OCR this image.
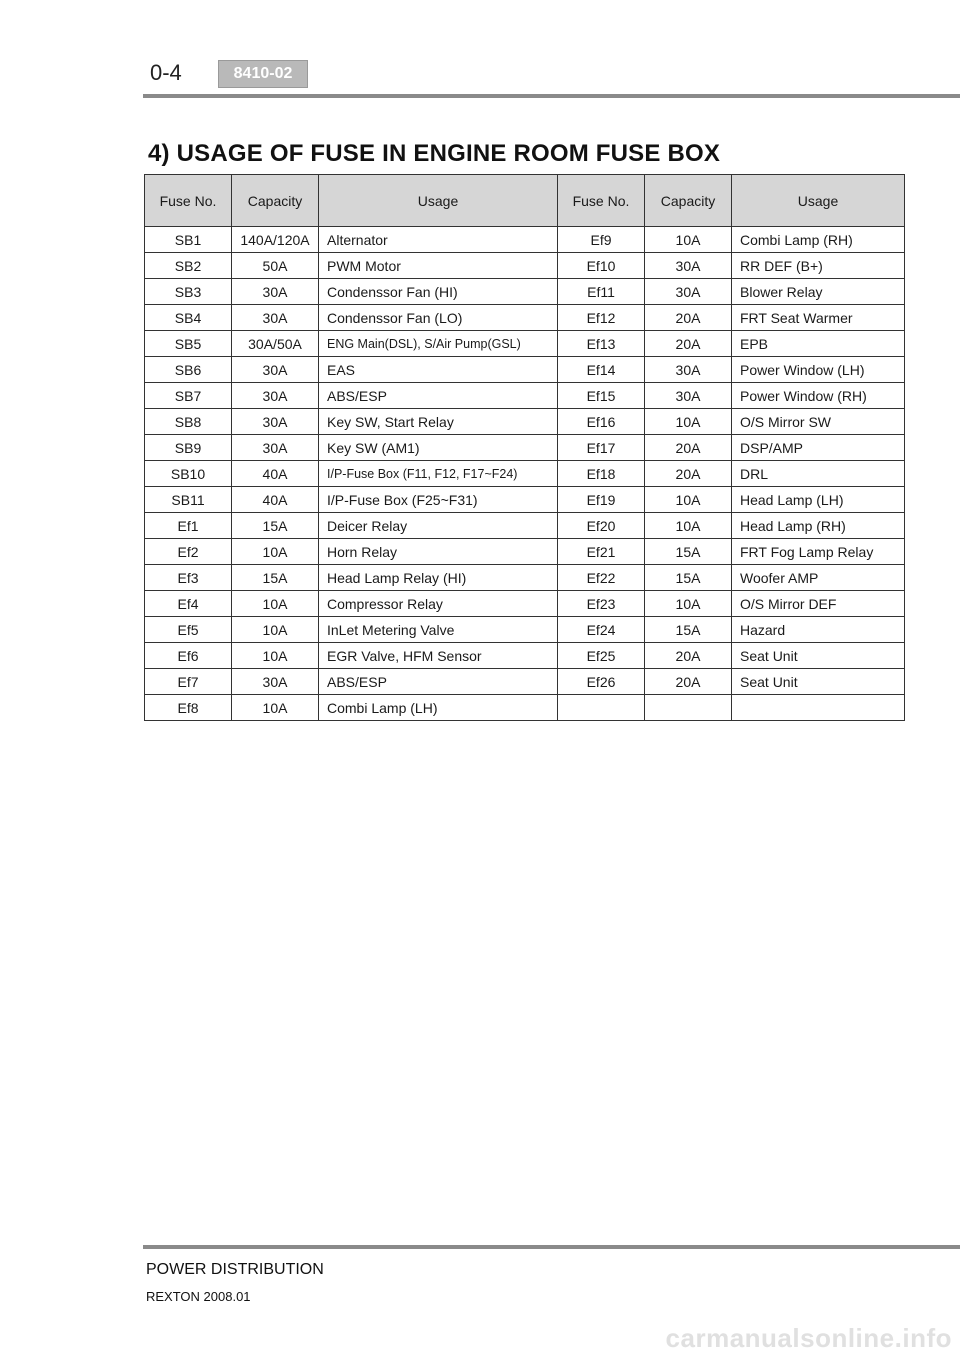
0-4	8410-02
4) USAGE OF FUSE IN ENGINE ROOM FUSE BOX
Fuse No.	Capacity	Usage	Fuse No.	Capacity	Usage
SB1	140A/120A	Alternator	Ef9	10A	Combi Lamp (RH)
SB2	50A	PWM Motor	Ef10	30A	RR DEF (B+)
SB3	30A	Condenssor Fan (HI)	Ef11	30A	Blower Relay
SB4	30A	Condenssor Fan (LO)	Ef12	20A	FRT Seat Warmer
SB5	30A/50A	ENG Main(DSL), S/Air Pump(GSL)	Ef13	20A	EPB
SB6	30A	EAS	Ef14	30A	Power Window (LH)
SB7	30A	ABS/ESP	Ef15	30A	Power Window (RH)
SB8	30A	Key SW, Start Relay	Ef16	10A	O/S Mirror SW
SB9	30A	Key SW (AM1)	Ef17	20A	DSP/AMP
SB10	40A	I/P-Fuse Box (F11, F12, F17~F24)	Ef18	20A	DRL
SB11	40A	I/P-Fuse Box (F25~F31)	Ef19	10A	Head Lamp (LH)
Ef1	15A	Deicer Relay	Ef20	10A	Head Lamp (RH)
Ef2	10A	Horn Relay	Ef21	15A	FRT Fog Lamp Relay
Ef3	15A	Head Lamp Relay (HI)	Ef22	15A	Woofer AMP
Ef4	10A	Compressor Relay	Ef23	10A	O/S Mirror DEF
Ef5	10A	InLet Metering Valve	Ef24	15A	Hazard
Ef6	10A	EGR Valve, HFM Sensor	Ef25	20A	Seat Unit
Ef7	30A	ABS/ESP	Ef26	20A	Seat Unit
Ef8	10A	Combi Lamp (LH)			
POWER DISTRIBUTION
REXTON 2008.01
carmanualsonline.info
